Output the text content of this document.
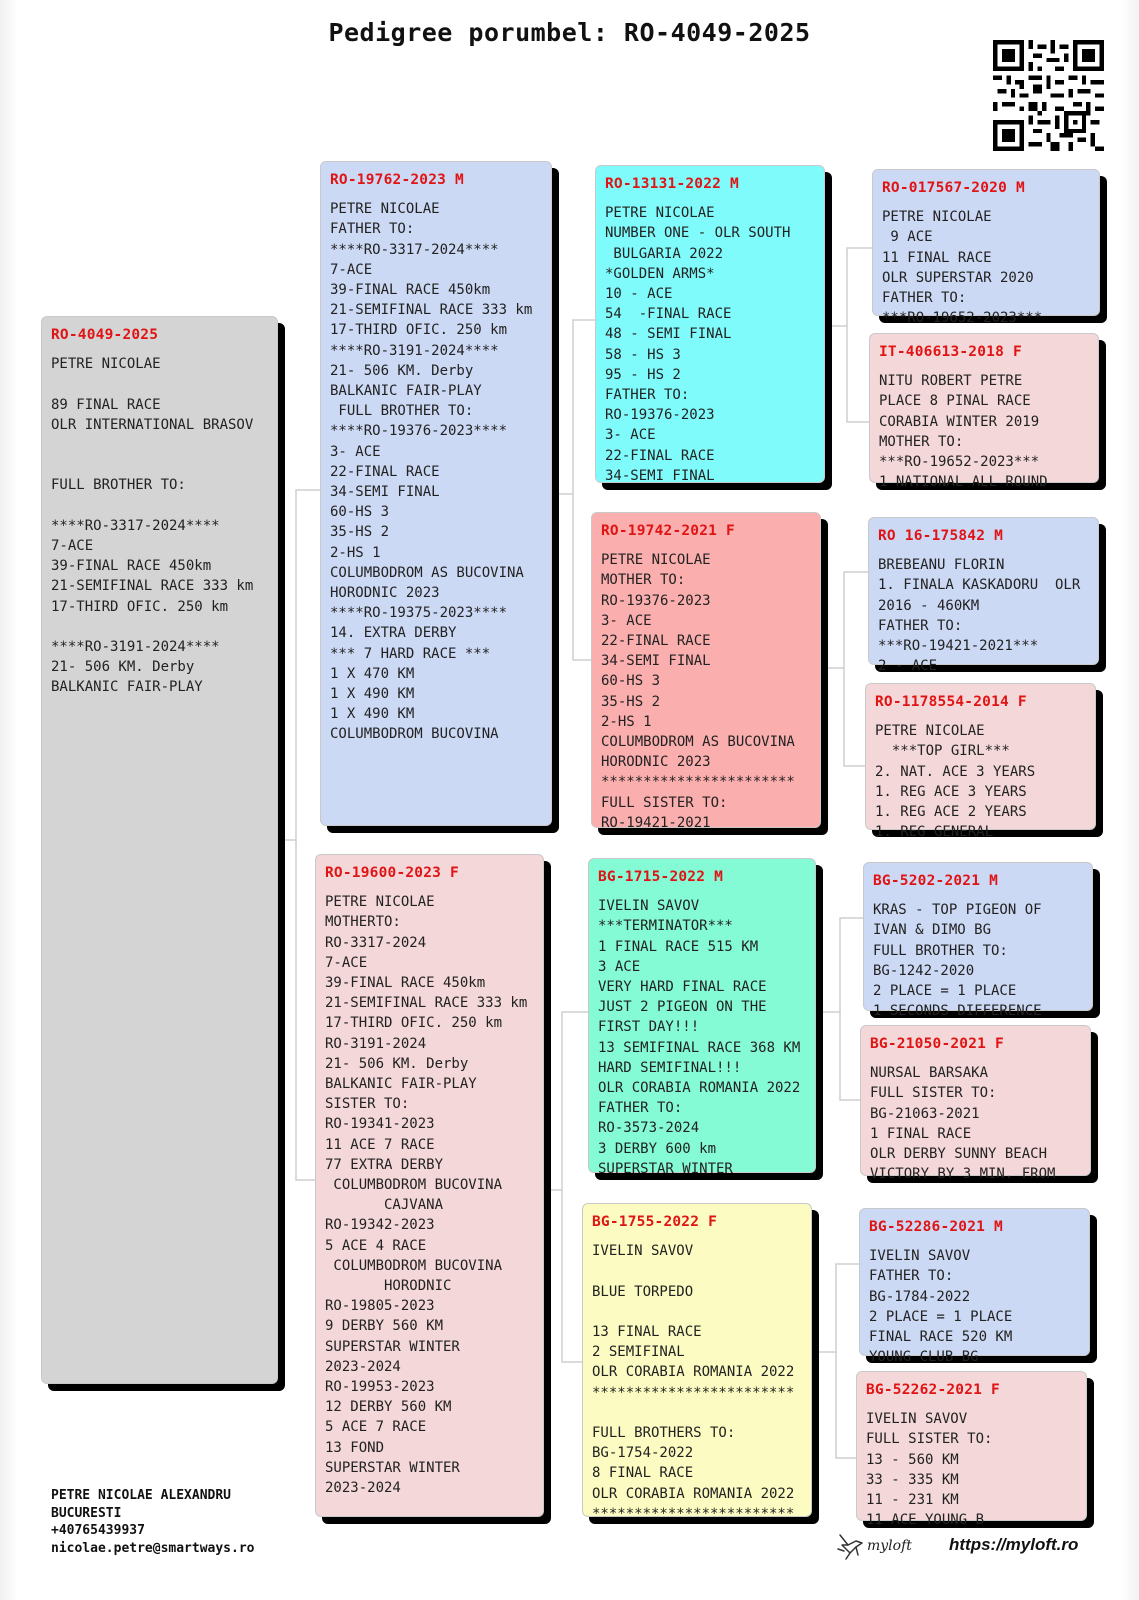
Pedigree porumbel: RO-4049-2025
RO-4049-2025
PETRE NICOLAE

89 FINAL RACE
OLR INTERNATIONAL BRASOV

FULL BROTHER TO:

****RO-3317-2024****
7-ACE
39-FINAL RACE 450km
21-SEMIFINAL RACE 333 km
17-THIRD OFIC. 250 km

****RO-3191-2024****
21- 506 KM. Derby
BALKANIC FAIR-PLAY
RO-19762-2023 M
PETRE NICOLAE
FATHER TO:
****RO-3317-2024****
7-ACE
39-FINAL RACE 450km
21-SEMIFINAL RACE 333 km
17-THIRD OFIC. 250 km
****RO-3191-2024****
21- 506 KM. Derby
BALKANIC FAIR-PLAY
FULL BROTHER TO:
****RO-19376-2023****
3- ACE
22-FINAL RACE
34-SEMI FINAL
60-HS 3
35-HS 2
2-HS 1
COLUMBODROM AS BUCOVINA
HORODNIC 2023
****RO-19375-2023****
14. EXTRA DERBY
*** 7 HARD RACE ***
1 X 470 KM
1 X 490 KM
1 X 490 KM
COLUMBODROM BUCOVINA
RO-19600-2023 F
PETRE NICOLAE
MOTHERTO:
RO-3317-2024
7-ACE
39-FINAL RACE 450km
21-SEMIFINAL RACE 333 km
17-THIRD OFIC. 250 km
RO-3191-2024
21- 506 KM. Derby
BALKANIC FAIR-PLAY
SISTER TO:
RO-19341-2023
11 ACE 7 RACE
77 EXTRA DERBY
COLUMBODROM BUCOVINA
CAJVANA
RO-19342-2023
5 ACE 4 RACE
COLUMBODROM BUCOVINA
HORODNIC
RO-19805-2023
9 DERBY 560 KM
SUPERSTAR WINTER
2023-2024
RO-19953-2023
12 DERBY 560 KM
5 ACE 7 RACE
13 FOND
SUPERSTAR WINTER
2023-2024
RO-13131-2022 M
PETRE NICOLAE
NUMBER ONE - OLR SOUTH
BULGARIA 2022
*GOLDEN ARMS*
10 - ACE
54  -FINAL RACE
48 - SEMI FINAL
58 - HS 3
95 - HS 2
FATHER TO:
RO-19376-2023
3- ACE
22-FINAL RACE
34-SEMI FINAL
RO-19742-2021 F
PETRE NICOLAE
MOTHER TO:
RO-19376-2023
3- ACE
22-FINAL RACE
34-SEMI FINAL
60-HS 3
35-HS 2
2-HS 1
COLUMBODROM AS BUCOVINA
HORODNIC 2023
***********************
FULL SISTER TO:
RO-19421-2021
BG-1715-2022 M
IVELIN SAVOV
***TERMINATOR***
1 FINAL RACE 515 KM
3 ACE
VERY HARD FINAL RACE
JUST 2 PIGEON ON THE
FIRST DAY!!!
13 SEMIFINAL RACE 368 KM
HARD SEMIFINAL!!!
OLR CORABIA ROMANIA 2022
FATHER TO:
RO-3573-2024
3 DERBY 600 km
SUPERSTAR WINTER
BG-1755-2022 F
IVELIN SAVOV

BLUE TORPEDO

13 FINAL RACE
2 SEMIFINAL
OLR CORABIA ROMANIA 2022
************************

FULL BROTHERS TO:
BG-1754-2022
8 FINAL RACE
OLR CORABIA ROMANIA 2022
************************
RO-017567-2020 M
PETRE NICOLAE
9 ACE
11 FINAL RACE
OLR SUPERSTAR 2020
FATHER TO:
***RO-19652-2023***
IT-406613-2018 F
NITU ROBERT PETRE
PLACE 8 PINAL RACE
CORABIA WINTER 2019
MOTHER TO:
***RO-19652-2023***
1 NATIONAL ALL ROUND
RO 16-175842 M
BREBEANU FLORIN
1. FINALA KASKADORU  OLR
2016 - 460KM
FATHER TO:
***RO-19421-2021***
2 - ACE
RO-1178554-2014 F
PETRE NICOLAE
***TOP GIRL***
2. NAT. ACE 3 YEARS
1. REG ACE 3 YEARS
1. REG ACE 2 YEARS
1. REG GENERAL
BG-5202-2021 M
KRAS - TOP PIGEON OF
IVAN & DIMO BG
FULL BROTHER TO:
BG-1242-2020
2 PLACE = 1 PLACE
1 SECONDS DIFFERENCE
BG-21050-2021 F
NURSAL BARSAKA
FULL SISTER TO:
BG-21063-2021
1 FINAL RACE
OLR DERBY SUNNY BEACH
VICTORY BY 3 MIN. FROM
BG-52286-2021 M
IVELIN SAVOV
FATHER TO:
BG-1784-2022
2 PLACE = 1 PLACE
FINAL RACE 520 KM
YOUNG CLUB BG
BG-52262-2021 F
IVELIN SAVOV
FULL SISTER TO:
13 - 560 KM
33 - 335 KM
11 - 231 KM
11 ACE YOUNG B
PETRE NICOLAE ALEXANDRU
BUCURESTI
+40765439937
nicolae.petre@smartways.ro	myloft https://myloft.ro
